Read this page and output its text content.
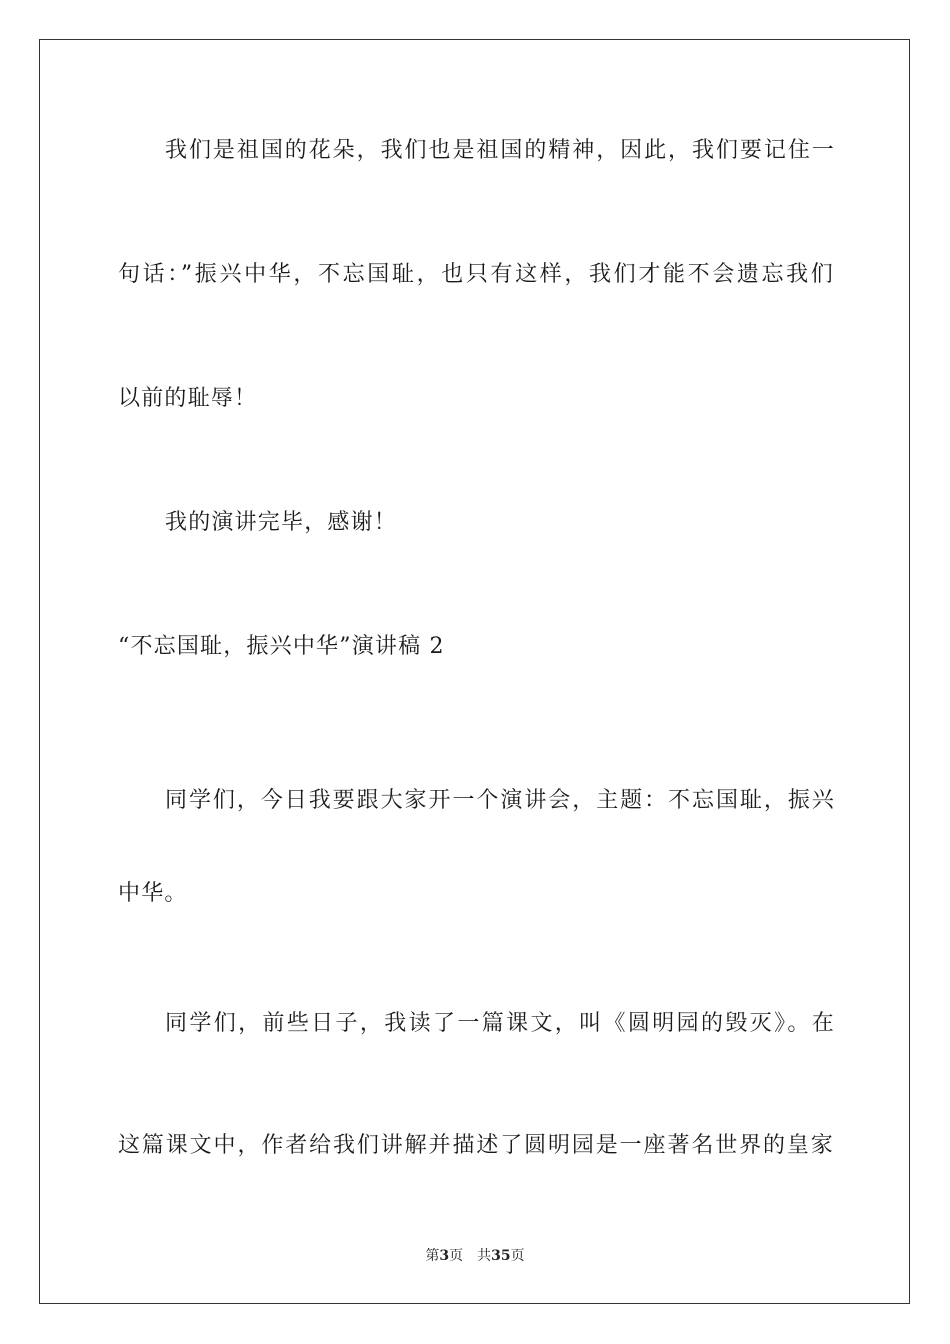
我们是祖国的花朵，我们也是祖国的精神，因此，我们要记住一
句话：”振兴中华，不忘国耻，也只有这样，我们才能不会遗忘我们
以前的耻辱！
我的演讲完毕，感谢！
“不忘国耻，振兴中华”演讲稿 2
同学们，今日我要跟大家开一个演讲会，主题：不忘国耻，振兴
中华。
同学们，前些日子，我读了一篇课文，叫《圆明园的毁灭》。在
这篇课文中，作者给我们讲解并描述了圆明园是一座著名世界的皇家
第3页 共35页
